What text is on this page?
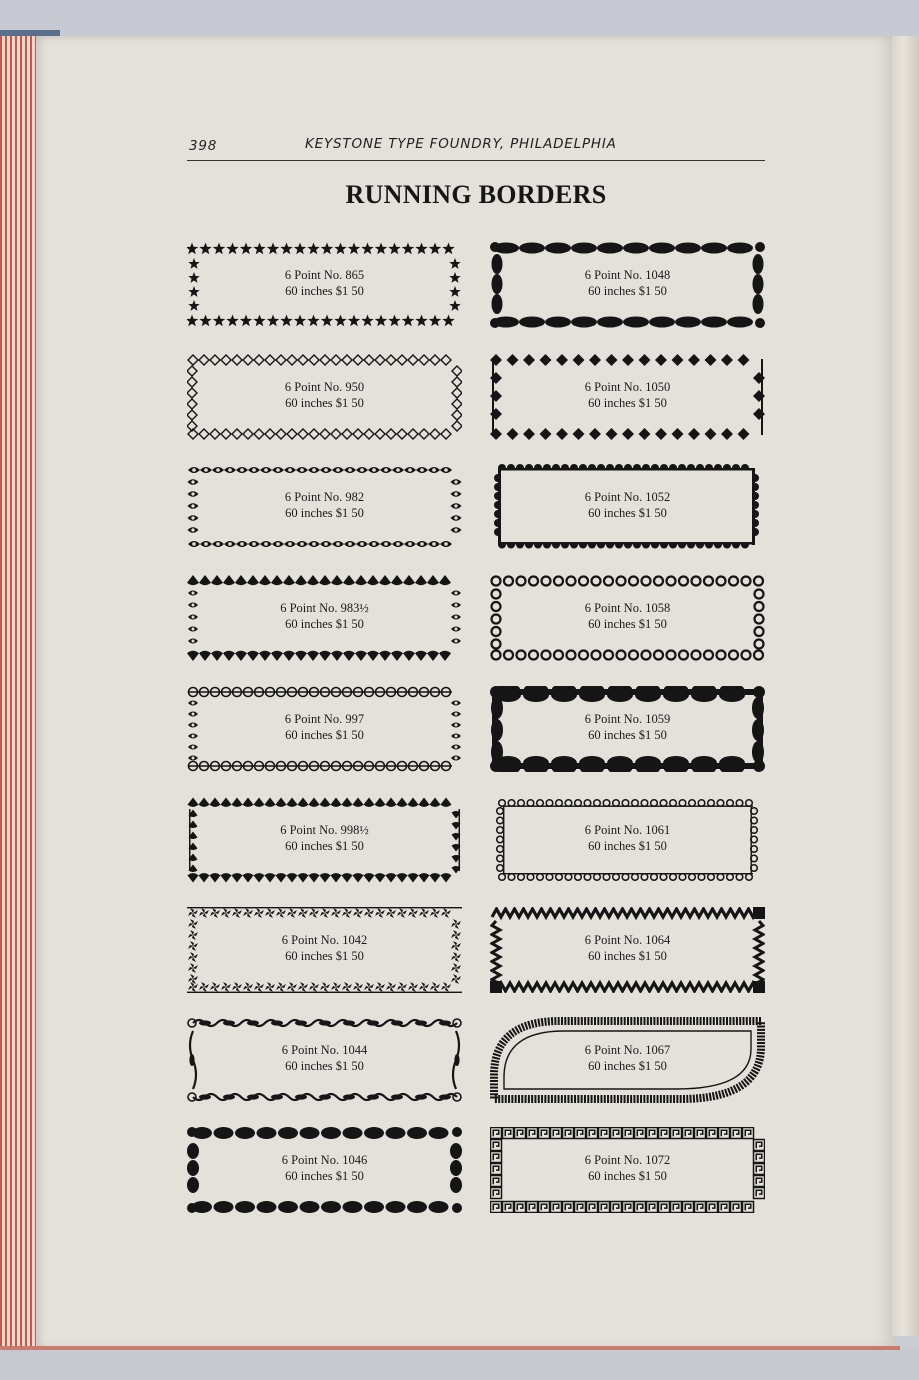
398	KEYSTONE TYPE FOUNDRY, PHILADELPHIA
RUNNING BORDERS
6 Point No. 865
60 inches $1 50
6 Point No. 1048
60 inches $1 50
6 Point No. 950
60 inches $1 50
6 Point No. 1050
60 inches $1 50
6 Point No. 982
60 inches $1 50
6 Point No. 1052
60 inches $1 50
6 Point No. 983½
60 inches $1 50
6 Point No. 1058
60 inches $1 50
6 Point No. 997
60 inches $1 50
6 Point No. 1059
60 inches $1 50
6 Point No. 998½
60 inches $1 50
6 Point No. 1061
60 inches $1 50
6 Point No. 1042
60 inches $1 50
6 Point No. 1064
60 inches $1 50
6 Point No. 1044
60 inches $1 50
6 Point No. 1067
60 inches $1 50
6 Point No. 1046
60 inches $1 50
6 Point No. 1072
60 inches $1 50
